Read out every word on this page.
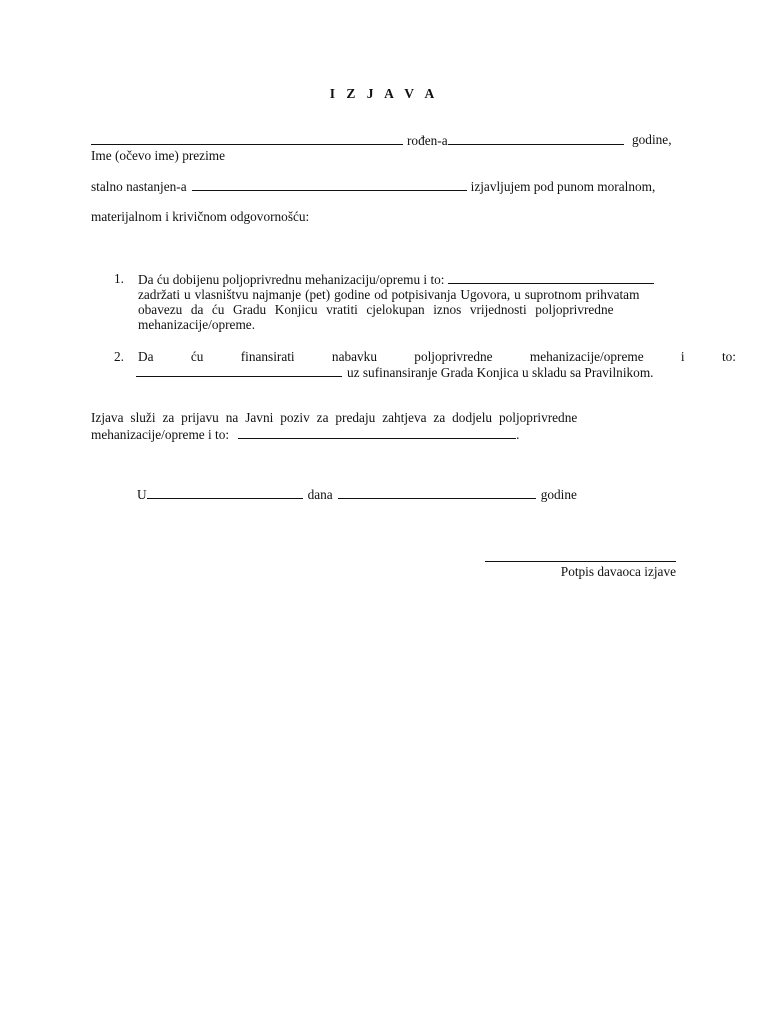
I Z J A V A
rođen-a	godine,
Ime (očevo ime) prezime
stalno nastanjen-a	izjavljujem pod punom moralnom,
materijalnom i krivičnom odgovornošću:
1. Da ću dobijenu poljoprivrednu mehanizaciju/opremu i to:
zadržati u vlasništvu najmanje (pet) godine od potpisivanja Ugovora, u suprotnom prihvatam
obavezu da ću Gradu Konjicu vratiti cjelokupan iznos vrijednosti poljoprivredne
mehanizacije/opreme.
2. Da ću finansirati nabavku poljoprivredne mehanizacije/opreme i to:
uz sufinansiranje Grada Konjica u skladu sa Pravilnikom.
Izjava služi za prijavu na Javni poziv za predaju zahtjeva za dodjelu poljoprivredne
mehanizacije/opreme i to:	.
U	dana	godine
Potpis davaoca izjave
